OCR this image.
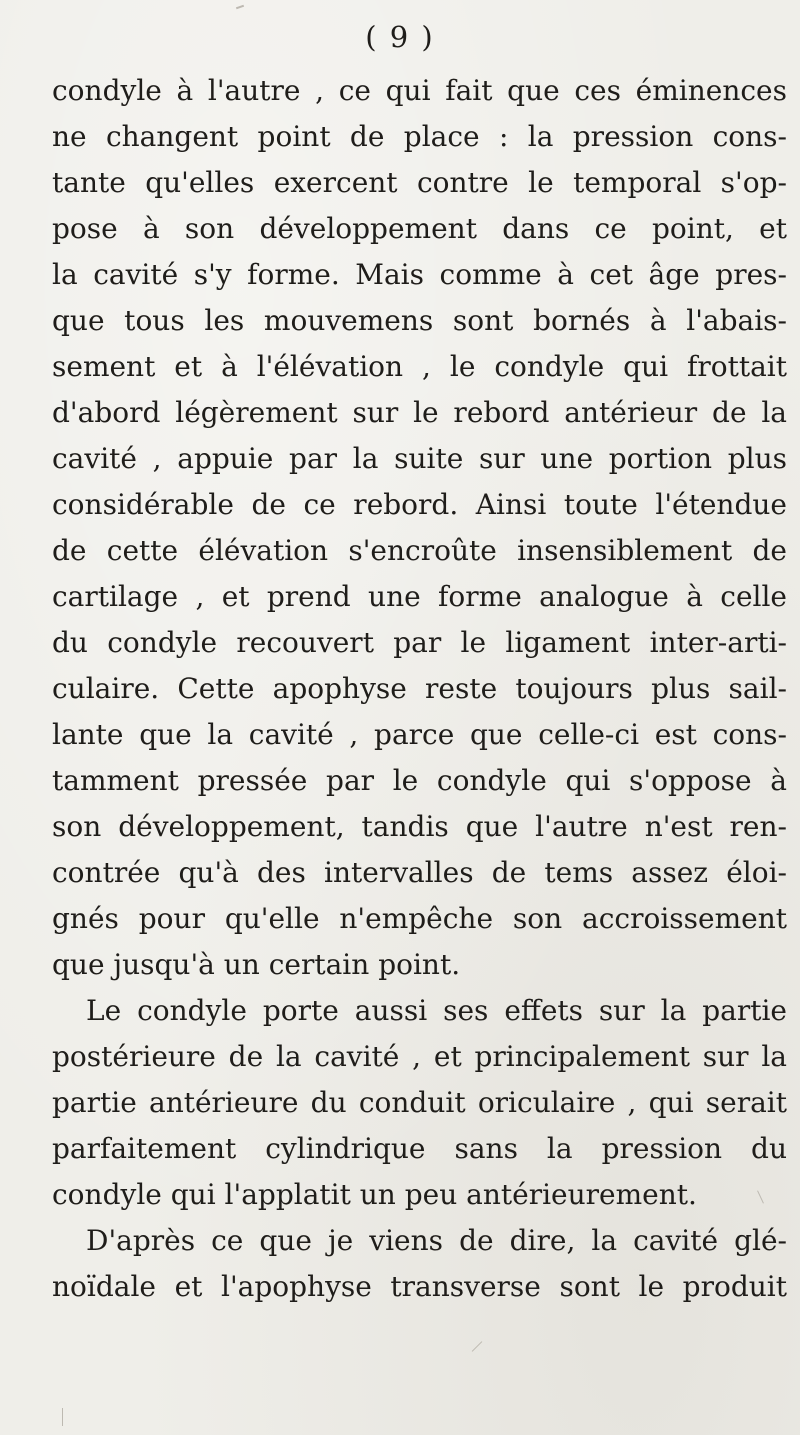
( 9 )
condyle à l'autre , ce qui fait que ces éminences
ne changent point de place : la pression cons-
tante qu'elles exercent contre le temporal s'op-
pose à son développement dans ce point, et
la cavité s'y forme. Mais comme à cet âge pres-
que tous les mouvemens sont bornés à l'abais-
sement et à l'élévation , le condyle qui frottait
d'abord légèrement sur le rebord antérieur de la
cavité , appuie par la suite sur une portion plus
considérable de ce rebord. Ainsi toute l'étendue
de cette élévation s'encroûte insensiblement de
cartilage , et prend une forme analogue à celle
du condyle recouvert par le ligament inter-arti-
culaire. Cette apophyse reste toujours plus sail-
lante que la cavité , parce que celle-ci est cons-
tamment pressée par le condyle qui s'oppose à
son développement, tandis que l'autre n'est ren-
contrée qu'à des intervalles de tems assez éloi-
gnés pour qu'elle n'empêche son accroissement
que jusqu'à un certain point.
Le condyle porte aussi ses effets sur la partie
postérieure de la cavité , et principalement sur la
partie antérieure du conduit oriculaire , qui serait
parfaitement cylindrique sans la pression du
condyle qui l'applatit un peu antérieurement.
D'après ce que je viens de dire, la cavité glé-
noïdale et l'apophyse transverse sont le produit
